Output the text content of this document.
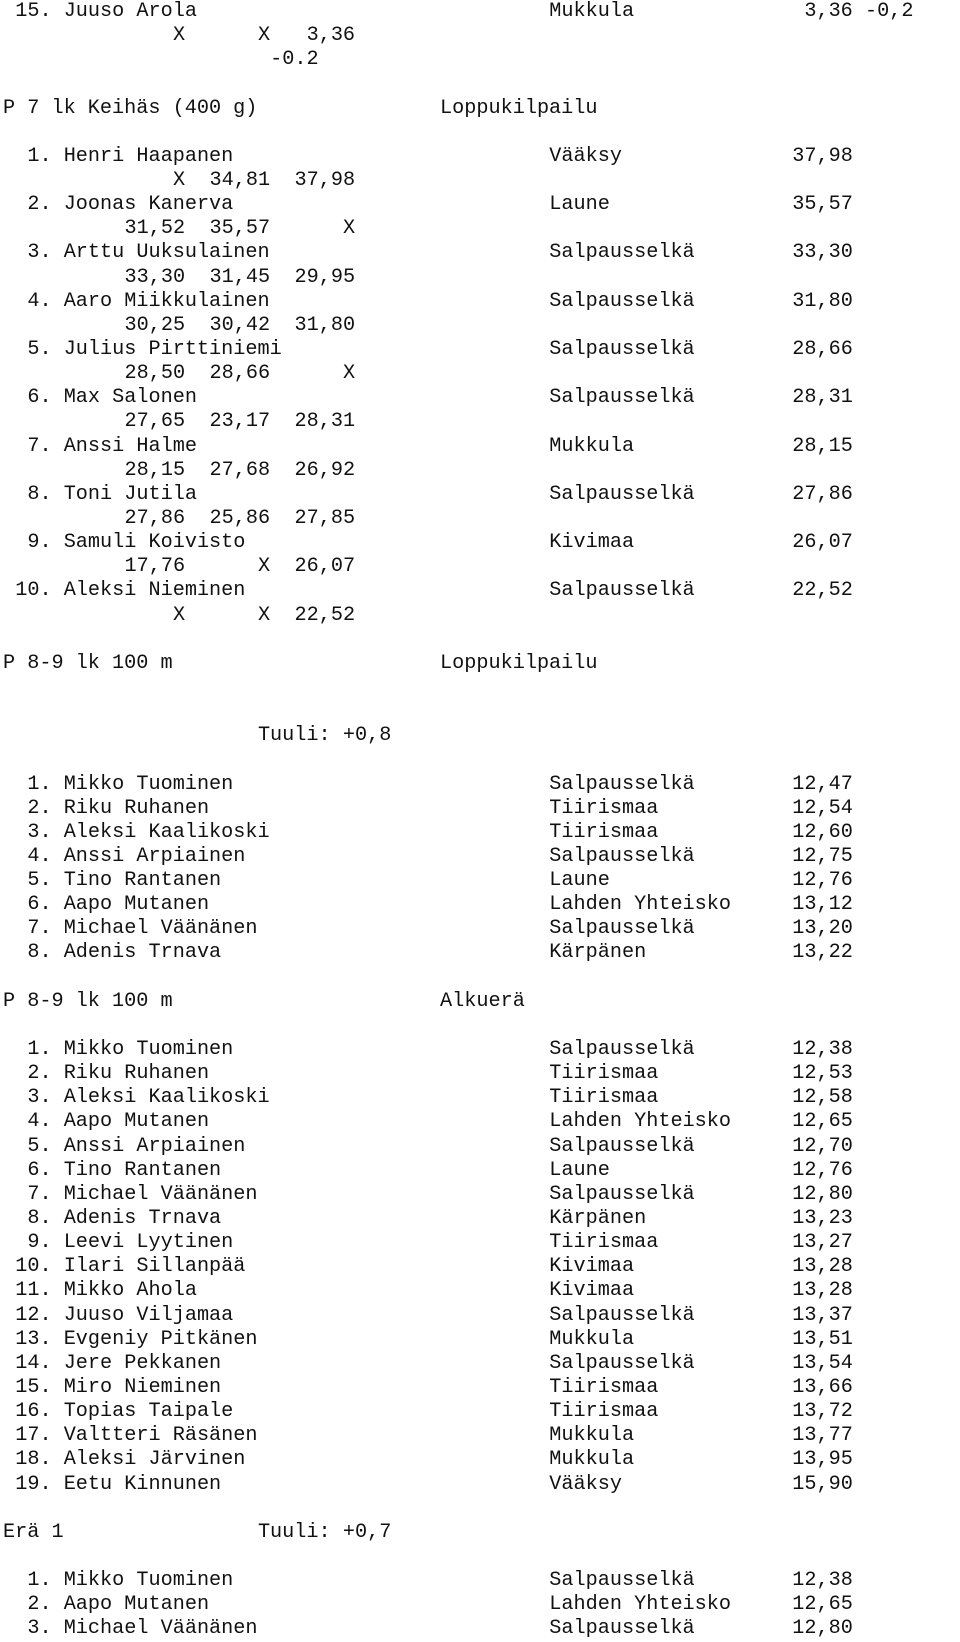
15. Juuso Arola	Mukkula	3,36 -0,2
X	X 3,36
-0.2
P 7 lk Keihäs (400 g)	Loppukilpailu
1. Henri Haapanen	Vääksy	37,98
X 34,81 37,98
2. Joonas Kanerva	Laune	35,57
31,52 35,57	X
3. Arttu Uuksulainen	Salpausselkä	33,30
33,30 31,45 29,95
4. Aaro Miikkulainen	Salpausselkä	31,80
30,25 30,42 31,80
5. Julius Pirttiniemi	Salpausselkä	28,66
28,50 28,66	X
6. Max Salonen	Salpausselkä	28,31
27,65 23,17 28,31
7. Anssi Halme	Mukkula	28,15
28,15 27,68 26,92
8. Toni Jutila	Salpausselkä	27,86
27,86 25,86 27,85
9. Samuli Koivisto	Kivimaa	26,07
17,76	X 26,07
10. Aleksi Nieminen	Salpausselkä	22,52
X	X 22,52
P 8-9 lk 100 m	Loppukilpailu
Tuuli: +0,8
1. Mikko Tuominen	Salpausselkä	12,47
2. Riku Ruhanen	Tiirismaa	12,54
3. Aleksi Kaalikoski	Tiirismaa	12,60
4. Anssi Arpiainen	Salpausselkä	12,75
5. Tino Rantanen	Laune	12,76
6. Aapo Mutanen	Lahden Yhteisko	13,12
7. Michael Väänänen	Salpausselkä	13,20
8. Adenis Trnava	Kärpänen	13,22
P 8-9 lk 100 m	Alkuerä
1. Mikko Tuominen	Salpausselkä	12,38
2. Riku Ruhanen	Tiirismaa	12,53
3. Aleksi Kaalikoski	Tiirismaa	12,58
4. Aapo Mutanen	Lahden Yhteisko	12,65
5. Anssi Arpiainen	Salpausselkä	12,70
6. Tino Rantanen	Laune	12,76
7. Michael Väänänen	Salpausselkä	12,80
8. Adenis Trnava	Kärpänen	13,23
9. Leevi Lyytinen	Tiirismaa	13,27
10. Ilari Sillanpää	Kivimaa	13,28
11. Mikko Ahola	Kivimaa	13,28
12. Juuso Viljamaa	Salpausselkä	13,37
13. Evgeniy Pitkänen	Mukkula	13,51
14. Jere Pekkanen	Salpausselkä	13,54
15. Miro Nieminen	Tiirismaa	13,66
16. Topias Taipale	Tiirismaa	13,72
17. Valtteri Räsänen	Mukkula	13,77
18. Aleksi Järvinen	Mukkula	13,95
19. Eetu Kinnunen	Vääksy	15,90
Erä 1	Tuuli: +0,7
1. Mikko Tuominen	Salpausselkä	12,38
2. Aapo Mutanen	Lahden Yhteisko	12,65
3. Michael Väänänen	Salpausselkä	12,80
